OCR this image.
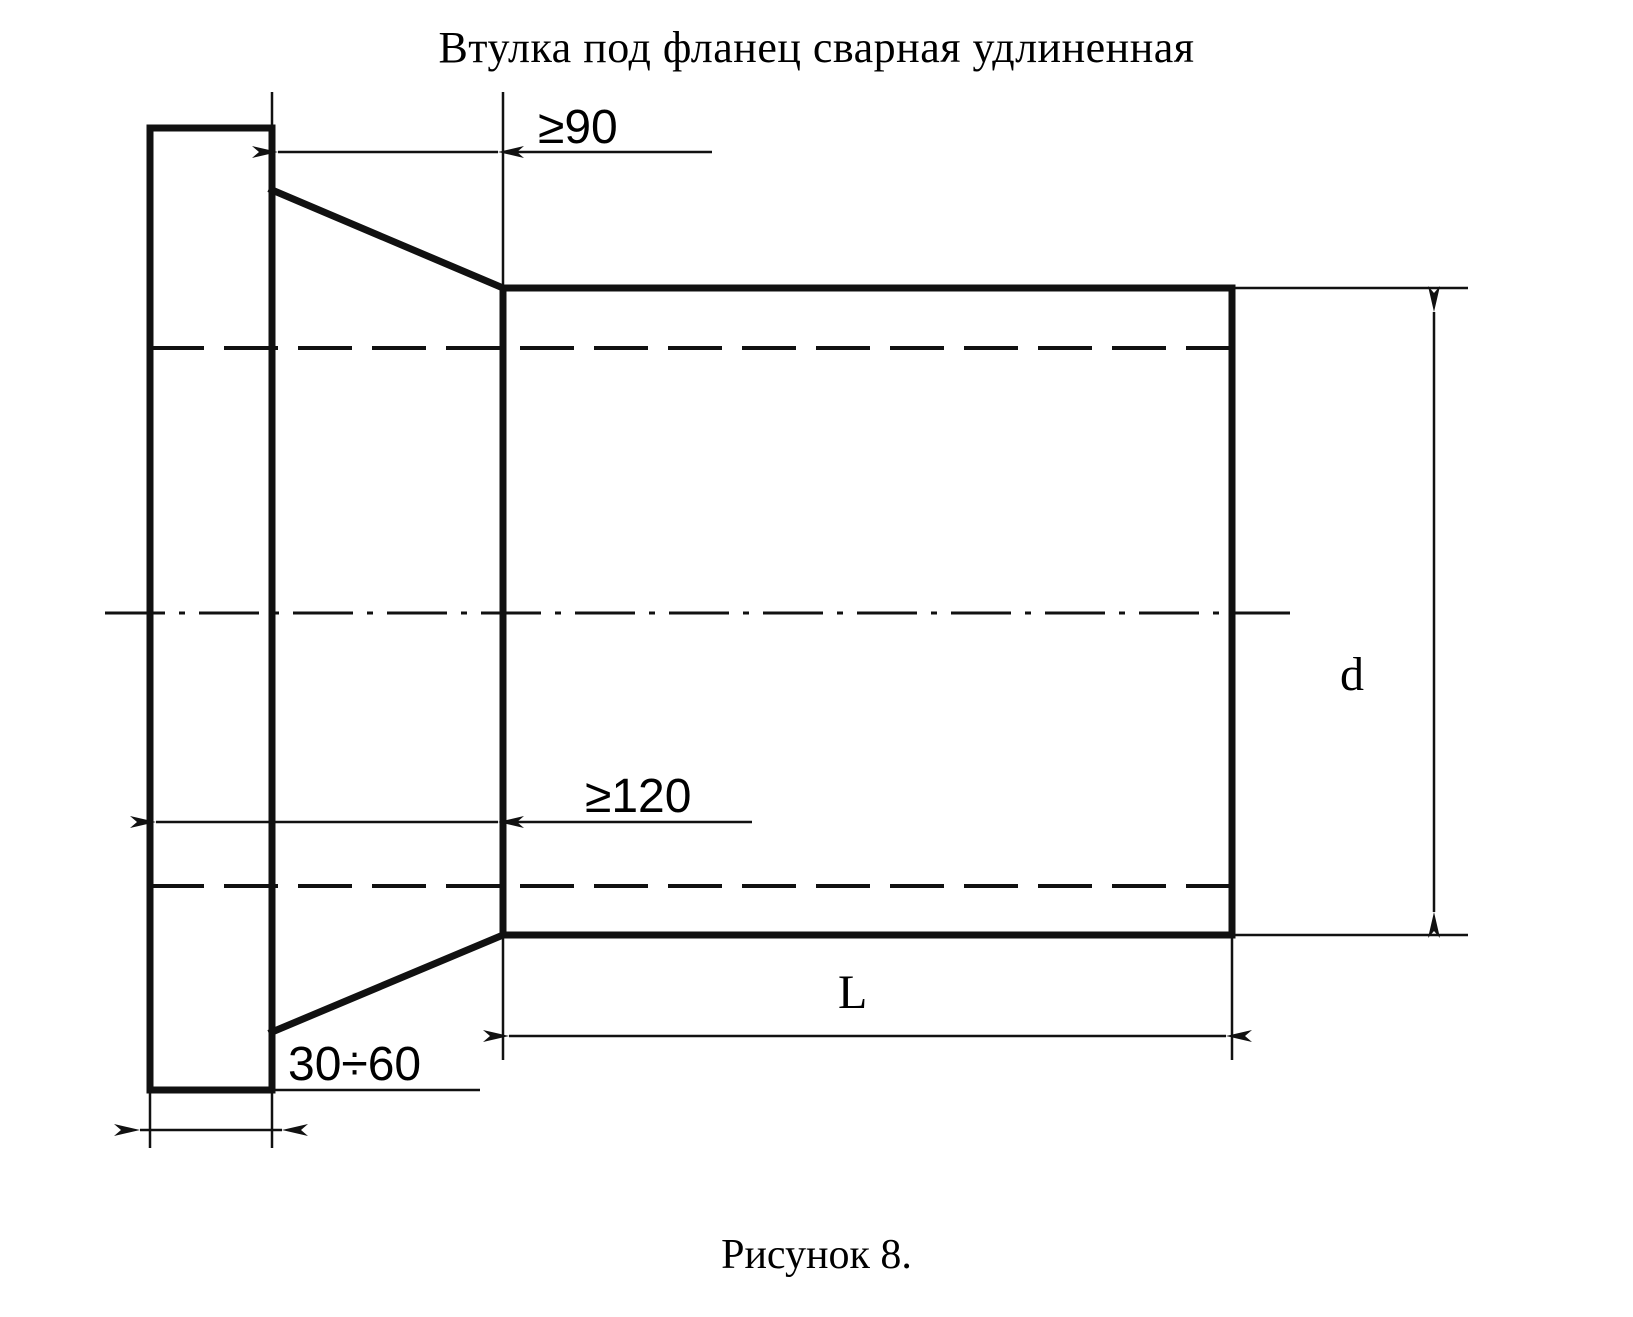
Втулка под фланец сварная удлиненная
≥90
≥120
d
L
30÷60
Рисунок 8.
